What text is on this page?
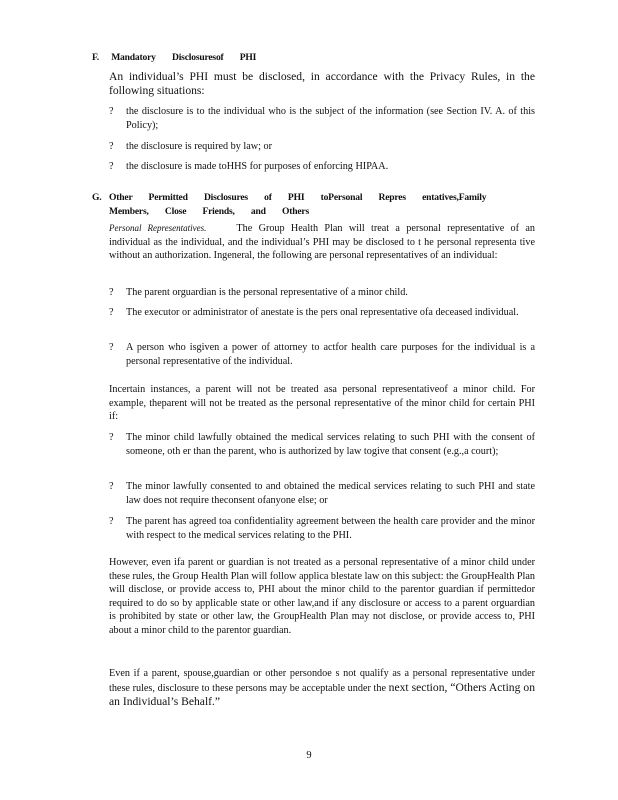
F. Mandatory Disclosuresof PHI
An individual’s PHI must be disclosed, in accordance with the Privacy Rules, in the following situations:
?	the disclosure is to the individual who is the subject of the information (see Section IV. A. of this Policy);
?	the disclosure is required by law; or
?	the disclosure is made toHHS for purposes of enforcing HIPAA.
G. Other Permitted Disclosures of PHI toPersonal Repres entatives,Family Members, Close Friends, and Others
Personal Representatives.	The Group Health Plan will treat a personal representative of an individual as the individual, and the individual’s PHI may be disclosed to t he personal representa tive without an authorization. Ingeneral, the following are personal representatives of an individual:
?	The parent orguardian is the personal representative of a minor child.
?	The executor or administrator of anestate is the pers onal representative ofa deceased individual.
?	A person who isgiven a power of attorney to actfor health care purposes for the individual is a personal representative of the individual.
Incertain instances, a parent will not be treated asa personal representativeof a minor child. For example, theparent will not be treated as the personal representative of the minor child for certain PHI if:
?	The minor child lawfully obtained the medical services relating to such PHI with the consent of someone, oth er than the parent, who is authorized by law togive that consent (e.g.,a court);
?	The minor lawfully consented to and obtained the medical services relating to such PHI and state law does not require theconsent ofanyone else; or
?	The parent has agreed toa confidentiality agreement between the health care provider and the minor with respect to the medical services relating to the PHI.
However, even ifa parent or guardian is not treated as a personal representative of a minor child under these rules, the Group Health Plan will follow applica blestate law on this subject: the GroupHealth Plan will disclose, or provide access to, PHI about the minor child to the parentor guardian if permittedor required to do so by applicable state or other law,and if any disclosure or access to a parent orguardian is prohibited by state or other law, the GroupHealth Plan may not disclose, or provide access to, PHI about a minor child to the parentor guardian.
Even if a parent, spouse,guardian or other persondoe s not qualify as a personal representative under these rules, disclosure to these persons may be acceptable under the next section, “Others Acting on an Individual’s Behalf.”
9
